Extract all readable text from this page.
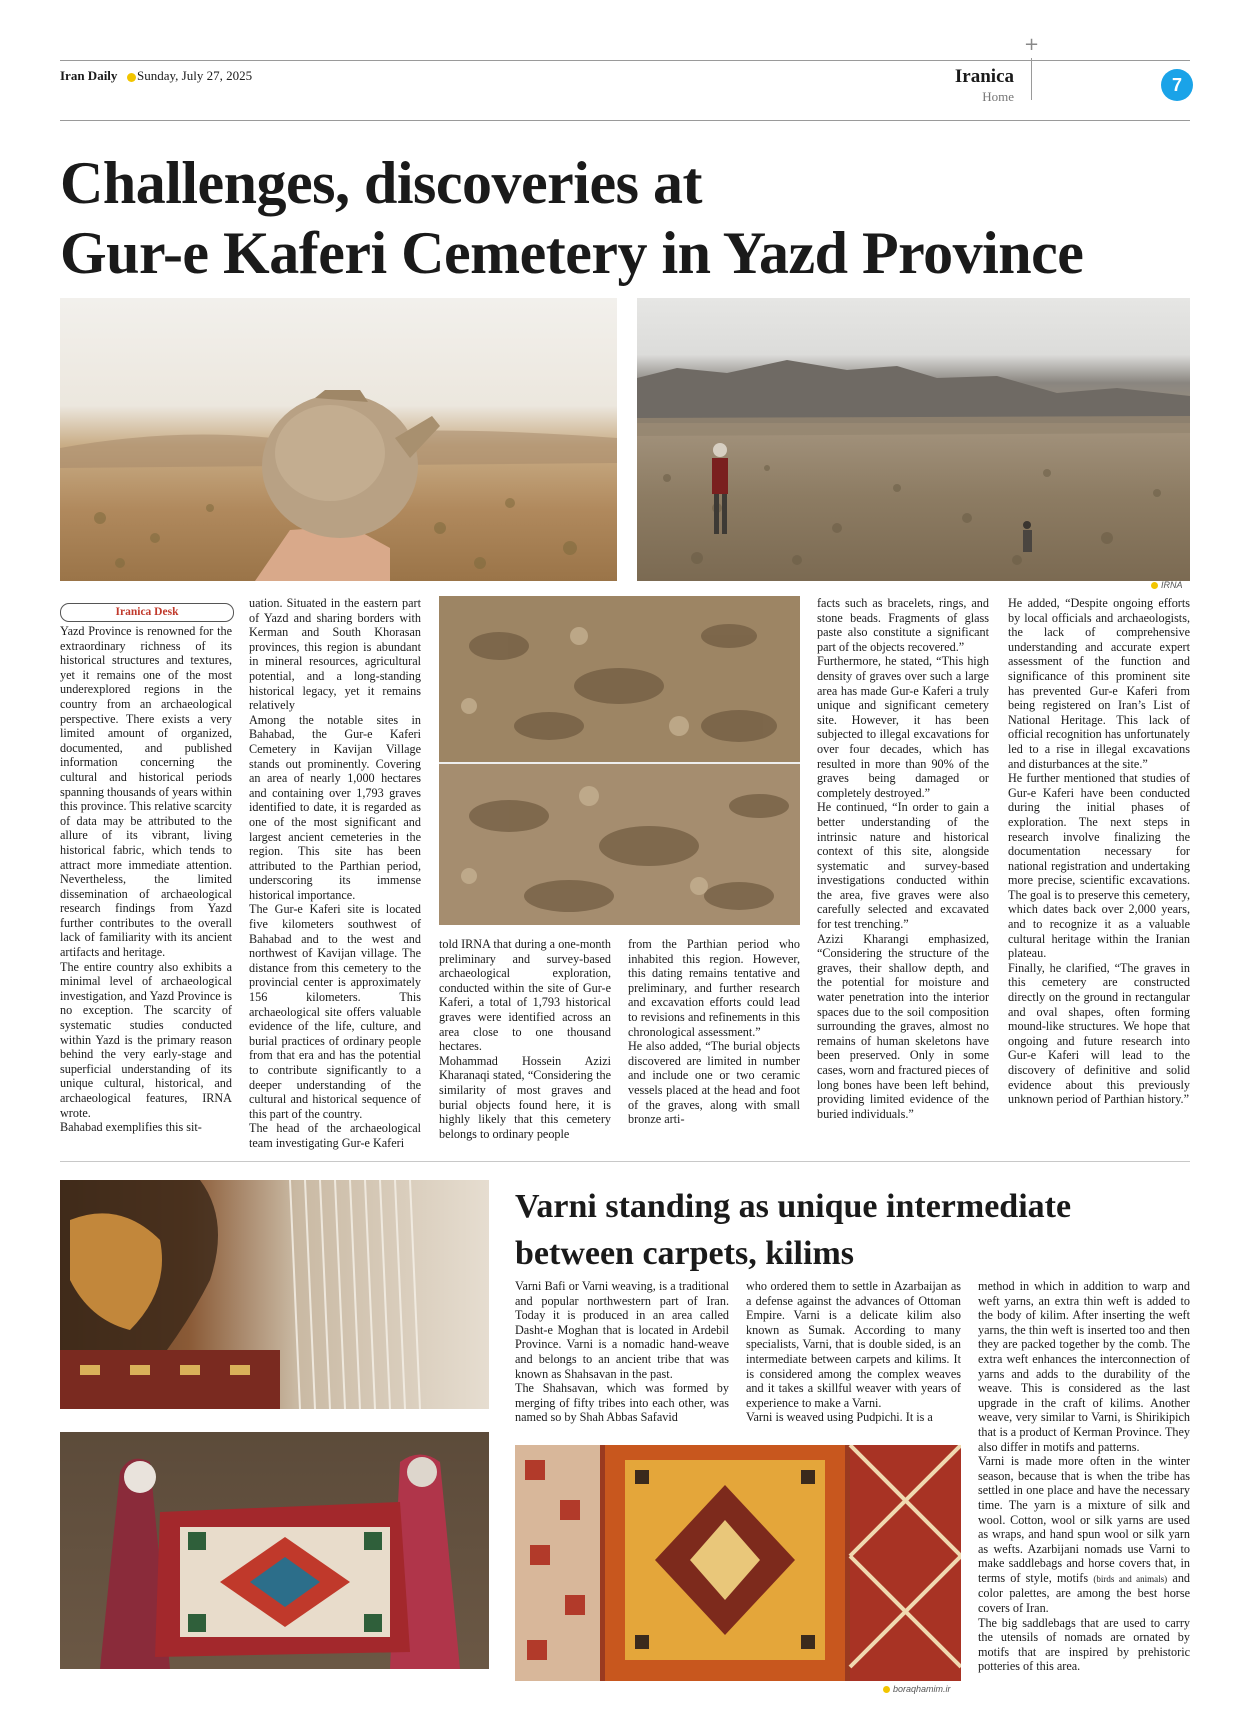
Iran Daily Sunday, July 27, 2025
+
Iranica
Home
7
Challenges, discoveries at
Gur-e Kaferi Cemetery in Yazd Province
IRNA
Iranica Desk

Yazd Province is renowned for the extraordinary richness of its historical structures and textures, yet it remains one of the most underexplored regions in the country from an archaeological perspective. There exists a very limited amount of organized, documented, and published information concerning the cultural and historical periods spanning thousands of years within this province. This relative scarcity of data may be attributed to the allure of its vibrant, living historical fabric, which tends to attract more immediate attention. Nevertheless, the limited dissemination of archaeological research findings from Yazd further contributes to the overall lack of familiarity with its ancient artifacts and heritage.

The entire country also exhibits a minimal level of archaeological investigation, and Yazd Province is no exception. The scarcity of systematic studies conducted within Yazd is the primary reason behind the very early-stage and superficial understanding of its unique cultural, historical, and archaeological features, IRNA wrote.

Bahabad exemplifies this sit-

uation. Situated in the eastern part of Yazd and sharing borders with Kerman and South Khorasan provinces, this region is abundant in mineral resources, agricultural potential, and a long-standing historical legacy, yet it remains relatively

Among the notable sites in Bahabad, the Gur-e Kaferi Cemetery in Kavijan Village stands out prominently. Covering an area of nearly 1,000 hectares and containing over 1,793 graves identified to date, it is regarded as one of the most significant and largest ancient cemeteries in the region. This site has been attributed to the Parthian period, underscoring its immense historical importance.

The Gur-e Kaferi site is located five kilometers southwest of Bahabad and to the west and northwest of Kavijan village. The distance from this cemetery to the provincial center is approximately 156 kilometers. This archaeological site offers valuable evidence of the life, culture, and burial practices of ordinary people from that era and has the potential to contribute significantly to a deeper understanding of the cultural and historical sequence of this part of the country.

The head of the archaeological team investigating Gur-e Kaferi

told IRNA that during a one-month preliminary and survey-based archaeological exploration, conducted within the site of Gur-e Kaferi, a total of 1,793 historical graves were identified across an area close to one thousand hectares.

Mohammad Hossein Azizi Kharanaqi stated, “Considering the similarity of most graves and burial objects found here, it is highly likely that this cemetery belongs to ordinary people

from the Parthian period who inhabited this region. However, this dating remains tentative and preliminary, and further research and excavation efforts could lead to revisions and refinements in this chronological assessment.”

He also added, “The burial objects discovered are limited in number and include one or two ceramic vessels placed at the head and foot of the graves, along with small bronze arti-

facts such as bracelets, rings, and stone beads. Fragments of glass paste also constitute a significant part of the objects recovered.”

Furthermore, he stated, “This high density of graves over such a large area has made Gur-e Kaferi a truly unique and significant cemetery site. However, it has been subjected to illegal excavations for over four decades, which has resulted in more than 90% of the graves being damaged or completely destroyed.”

He continued, “In order to gain a better understanding of the intrinsic nature and historical context of this site, alongside systematic and survey-based investigations conducted within the area, five graves were also carefully selected and excavated for test trenching.”

Azizi Kharangi emphasized, “Considering the structure of the graves, their shallow depth, and the potential for moisture and water penetration into the interior spaces due to the soil composition surrounding the graves, almost no remains of human skeletons have been preserved. Only in some cases, worn and fractured pieces of long bones have been left behind, providing limited evidence of the buried individuals.”

He added, “Despite ongoing efforts by local officials and archaeologists, the lack of comprehensive understanding and accurate expert assessment of the function and significance of this prominent site has prevented Gur-e Kaferi from being registered on Iran’s List of National Heritage. This lack of official recognition has unfortunately led to a rise in illegal excavations and disturbances at the site.”

He further mentioned that studies of Gur-e Kaferi have been conducted during the initial phases of exploration. The next steps in research involve finalizing the documentation necessary for national registration and undertaking more precise, scientific excavations. The goal is to preserve this cemetery, which dates back over 2,000 years, and to recognize it as a valuable cultural heritage within the Iranian plateau.

Finally, he clarified, “The graves in this cemetery are constructed directly on the ground in rectangular and oval shapes, often forming mound-like structures. We hope that ongoing and future research into Gur-e Kaferi will lead to the discovery of definitive and solid evidence about this previously unknown period of Parthian history.”

Varni standing as unique intermediate
between carpets, kilims

Varni Bafi or Varni weaving, is a traditional and popular northwestern part of Iran. Today it is produced in an area called Dasht-e Moghan that is located in Ardebil Province. Varni is a nomadic hand-weave and belongs to an ancient tribe that was known as Shahsavan in the past.

The Shahsavan, which was formed by merging of fifty tribes into each other, was named so by Shah Abbas Safavid

who ordered them to settle in Azarbaijan as a defense against the advances of Ottoman Empire. Varni is a delicate kilim also known as Sumak. According to many specialists, Varni, that is double sided, is an intermediate between carpets and kilims. It is considered among the complex weaves and it takes a skillful weaver with years of experience to make a Varni.

Varni is weaved using Pudpichi. It is a

method in which in addition to warp and weft yarns, an extra thin weft is added to the body of kilim. After inserting the weft yarns, the thin weft is inserted too and then they are packed together by the comb. The extra weft enhances the interconnection of yarns and adds to the durability of the weave. This is considered as the last upgrade in the craft of kilims. Another weave, very similar to Varni, is Shirikipich that is a product of Kerman Province. They also differ in motifs and patterns.

Varni is made more often in the winter season, because that is when the tribe has settled in one place and have the necessary time. The yarn is a mixture of silk and wool. Cotton, wool or silk yarns are used as wraps, and hand spun wool or silk yarn as wefts. Azarbijani nomads use Varni to make saddlebags and horse covers that, in terms of style, motifs (birds and animals) and color palettes, are among the best horse covers of Iran.

The big saddlebags that are used to carry the utensils of nomads are ornated by motifs that are inspired by prehistoric potteries of this area.

boraqhamim.ir
